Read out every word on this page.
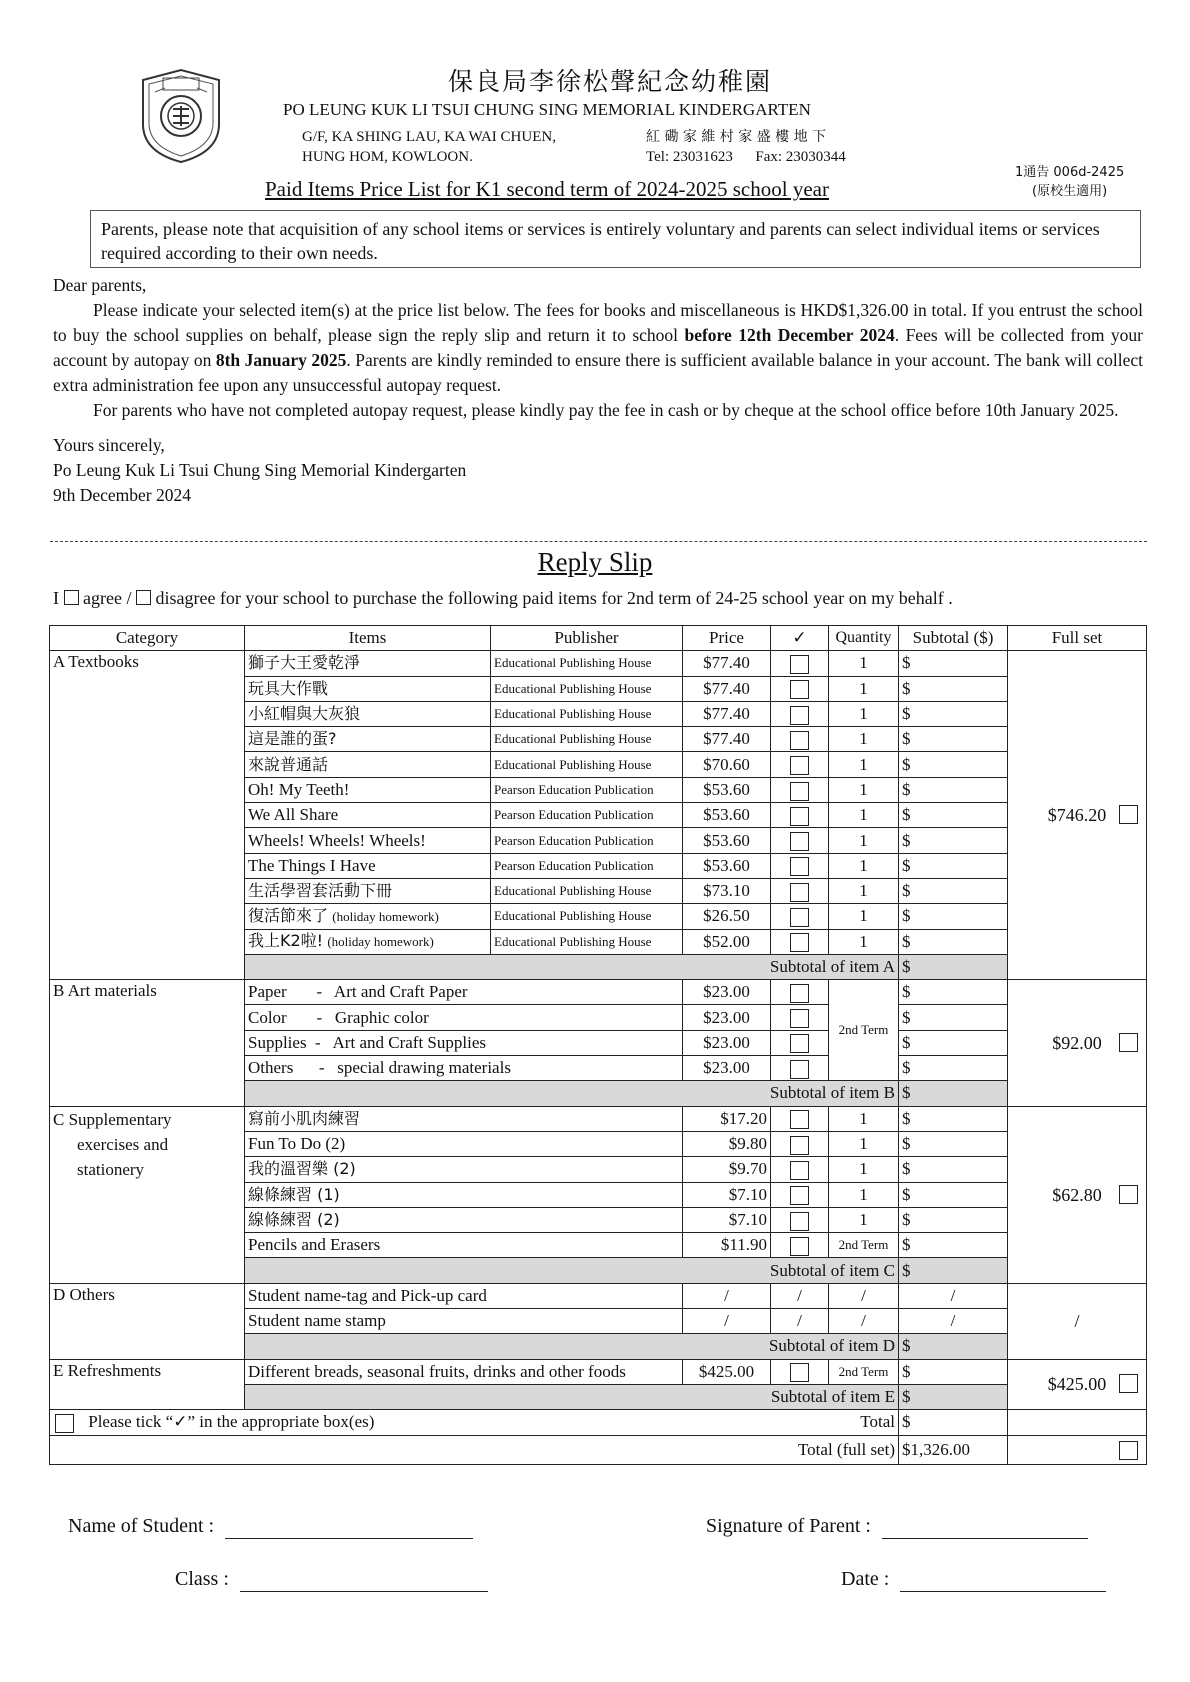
保良局李徐松聲紀念幼稚園
PO LEUNG KUK LI TSUI CHUNG SING MEMORIAL KINDERGARTEN
G/F, KA SHING LAU, KA WAI CHUEN,
HUNG HOM, KOWLOON.
紅 磡 家 維 村 家 盛 樓 地 下
Tel: 23031623 Fax: 23030344
1通告 006d-2425
(原校生適用)
Paid Items Price List for K1 second term of 2024-2025 school year
Parents, please note that acquisition of any school items or services is entirely voluntary and parents can select individual items or services required according to their own needs.

Dear parents,

Please indicate your selected item(s) at the price list below. The fees for books and miscellaneous is HKD$1,326.00 in total. If you entrust the school to buy the school supplies on behalf, please sign the reply slip and return it to school before 12th December 2024. Fees will be collected from your account by autopay on 8th January 2025. Parents are kindly reminded to ensure there is sufficient available balance in your account. The bank will collect extra administration fee upon any unsuccessful autopay request.

For parents who have not completed autopay request, please kindly pay the fee in cash or by cheque at the school office before 10th January 2025.

Yours sincerely,

Po Leung Kuk Li Tsui Chung Sing Memorial Kindergarten

9th December 2024

Reply Slip
I agree / disagree for your school to purchase the following paid items for 2nd term of 24-25 school year on my behalf .
Category	Items	Publisher	Price	✓	Quantity	Subtotal ($)	Full set
A Textbooks	獅子大王愛乾淨	Educational Publishing House	$77.40		1	$	$746.20

	玩具大作戰	Educational Publishing House	$77.40		1	$	
	小紅帽與大灰狼	Educational Publishing House	$77.40		1	$	
	這是誰的蛋?	Educational Publishing House	$77.40		1	$	
	來說普通話	Educational Publishing House	$70.60		1	$	
	Oh! My Teeth!	Pearson Education Publication	$53.60		1	$	
	We All Share	Pearson Education Publication	$53.60		1	$	
	Wheels! Wheels! Wheels!	Pearson Education Publication	$53.60		1	$	
	The Things I Have	Pearson Education Publication	$53.60		1	$	
	生活學習套活動下冊	Educational Publishing House	$73.10		1	$	
	復活節來了 (holiday homework)	Educational Publishing House	$26.50		1	$	
	我上K2啦! (holiday homework)	Educational Publishing House	$52.00		1	$	
	Subtotal of item A					$	
B Art materials	Paper       -   Art and Craft Paper		$23.00		2nd Term	$	$92.00

	Color       -   Graphic color		$23.00			$	
	Supplies  -   Art and Craft Supplies		$23.00			$	
	Others      -   special drawing materials		$23.00			$	
	Subtotal of item B					$	

C Supplementary
exercises and
stationery	寫前小肌肉練習		$17.20		1	$	$62.80

	Fun To Do (2)		$9.80		1	$	
	我的溫習樂 (2)		$9.70		1	$	
	線條練習 (1)		$7.10		1	$	
	線條練習 (2)		$7.10		1	$	
	Pencils and Erasers		$11.90		2nd Term	$	
	Subtotal of item C					$	
D Others	Student name-tag and Pick-up card		/	/	/	/	/
	Student name stamp		/	/	/	/	
	Subtotal of item D					$	
E Refreshments	Different breads, seasonal fruits, drinks and other foods		$425.00		2nd Term	$	$425.00

	Subtotal of item E					$	
Please tick “✓” in the appropriate box(es) Total						$	
Total (full set)						$1,326.00	
Name of Student :	Signature of Parent :
Class :	Date :
